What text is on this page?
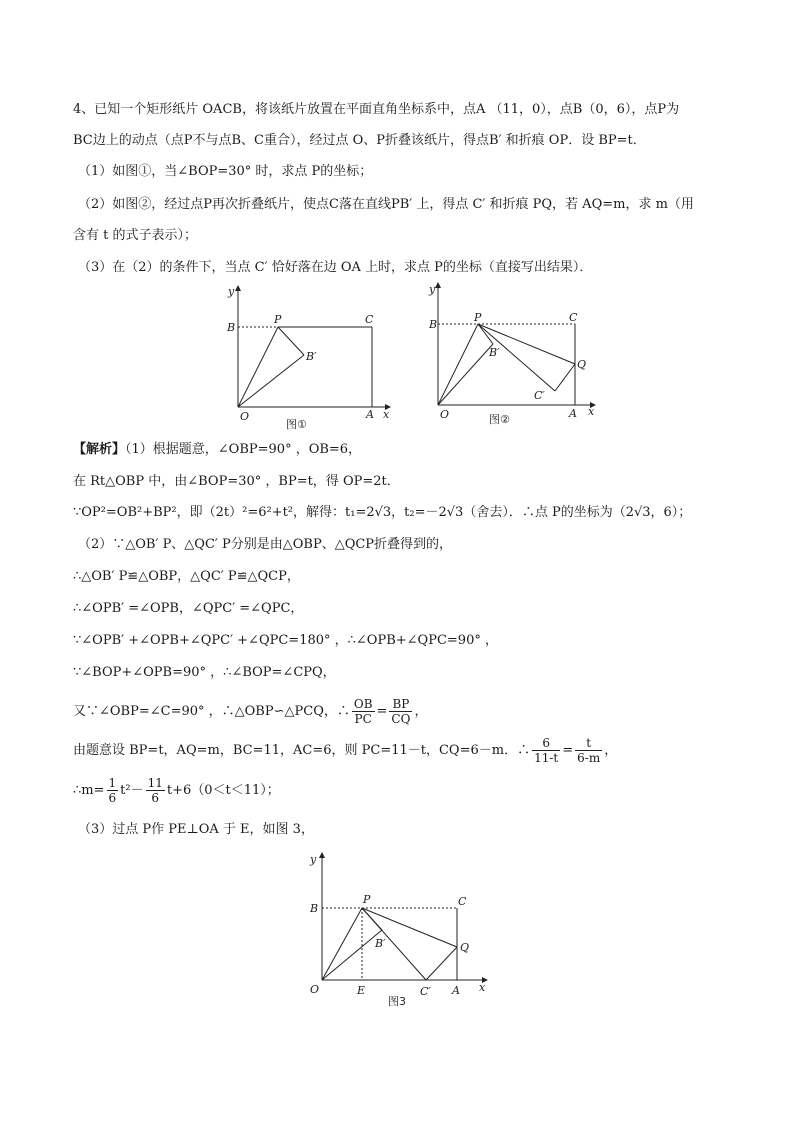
4、已知一个矩形纸片 OACB，将该纸片放置在平面直角坐标系中，点A （11，0），点B（0，6），点P为
BC边上的动点（点P不与点B、C重合），经过点 O、P折叠该纸片，得点B′ 和折痕 OP．设 BP=t．
（1）如图①，当∠BOP=30° 时，求点 P的坐标；
（2）如图②，经过点P再次折叠纸片，使点C落在直线PB′ 上，得点 C′ 和折痕 PQ，若 AQ=m，求 m（用
含有 t 的式子表示）；
（3）在（2）的条件下，当点 C′ 恰好落在边 OA 上时，求点 P的坐标（直接写出结果）．
y
B
P	C
B′
O	A x
图①
y
B
P	C
B′
Q
C′
O	A x
图②
【解析】（1）根据题意，∠OBP=90° ，OB=6，
在 Rt△OBP 中，由∠BOP=30° ，BP=t，得 OP=2t．
∵OP²=OB²+BP²，即（2t）²=6²+t²，解得：t₁=2√3，t₂=－2√3（舍去）．∴点 P的坐标为（2√3，6）；
（2）∵△OB′ P、△QC′ P分别是由△OBP、△QCP折叠得到的，
∴△OB′ P≌△OBP，△QC′ P≌△QCP，
∴∠OPB′ =∠OPB，∠QPC′ =∠QPC，
∵∠OPB′ +∠OPB+∠QPC′ +∠QPC=180° ，∴∠OPB+∠QPC=90° ，
∵∠BOP+∠OPB=90° ，∴∠BOP=∠CPQ，
又∵∠OBP=∠C=90° ，∴△OBP∽△PCQ，∴ $\frac{OB}{PC} = \frac{BP}{CQ}$ ，
由题意设 BP=t，AQ=m，BC=11，AC=6，则 PC=11－t，CQ=6－m．∴ $\frac{6}{11-t} = \frac{t}{6-m}$ ，
∴m= $\frac{1}{6} t^2- \frac{11}{6} t+6(0<t<11)$；
（3）过点 P作 PE⊥OA 于 E，如图 3，
y
B
P	C
B′	Q
O	E	C′ A x
图3
